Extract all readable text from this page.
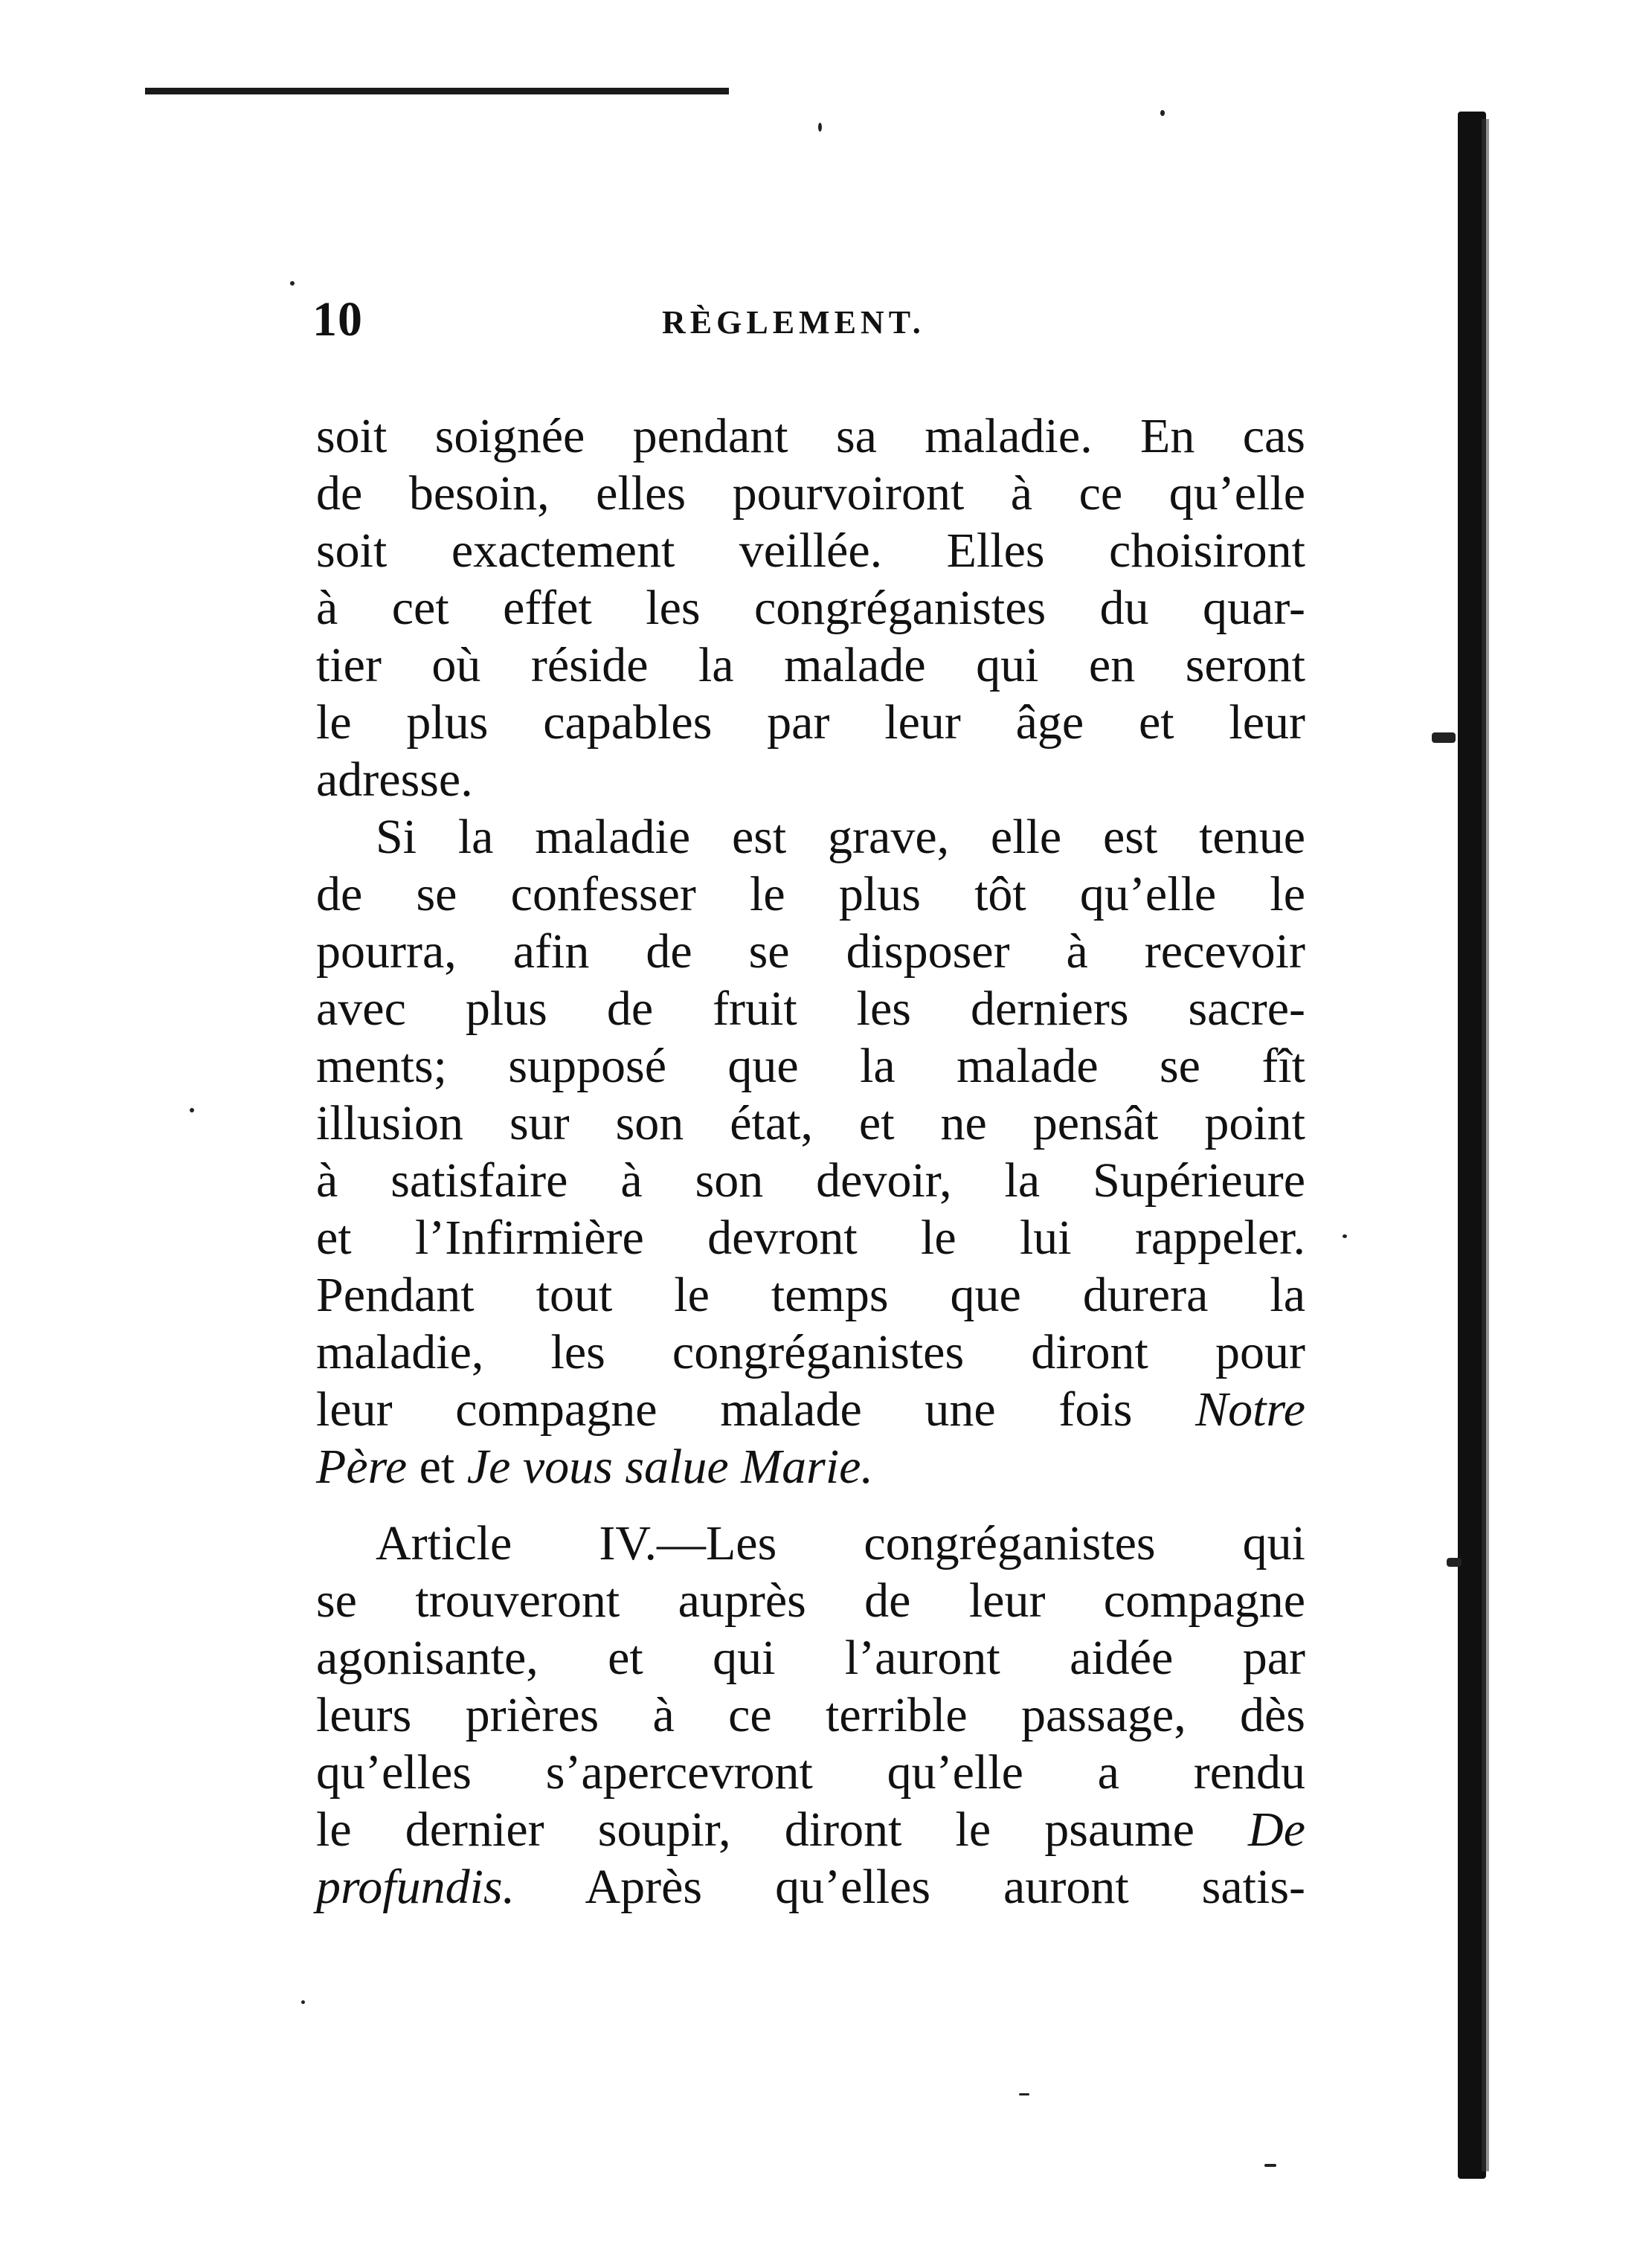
10	RÈGLEMENT.
soit soignée pendant sa maladie. En cas
de besoin, elles pourvoiront à ce qu’elle
soit exactement veillée. Elles choisiront
à cet effet les congréganistes du quar-
tier où réside la malade qui en seront
le plus capables par leur âge et leur
adresse.
Si la maladie est grave, elle est tenue
de se confesser le plus tôt qu’elle le
pourra, afin de se disposer à recevoir
avec plus de fruit les derniers sacre-
ments; supposé que la malade se fît
illusion sur son état, et ne pensât point
à satisfaire à son devoir, la Supérieure
et l’Infirmière devront le lui rappeler.
Pendant tout le temps que durera la
maladie, les congréganistes diront pour
leur compagne malade une fois Notre
Père et Je vous salue Marie.
Article IV.—Les congréganistes qui
se trouveront auprès de leur compagne
agonisante, et qui l’auront aidée par
leurs prières à ce terrible passage, dès
qu’elles s’apercevront qu’elle a rendu
le dernier soupir, diront le psaume De
profundis. Après qu’elles auront satis-
